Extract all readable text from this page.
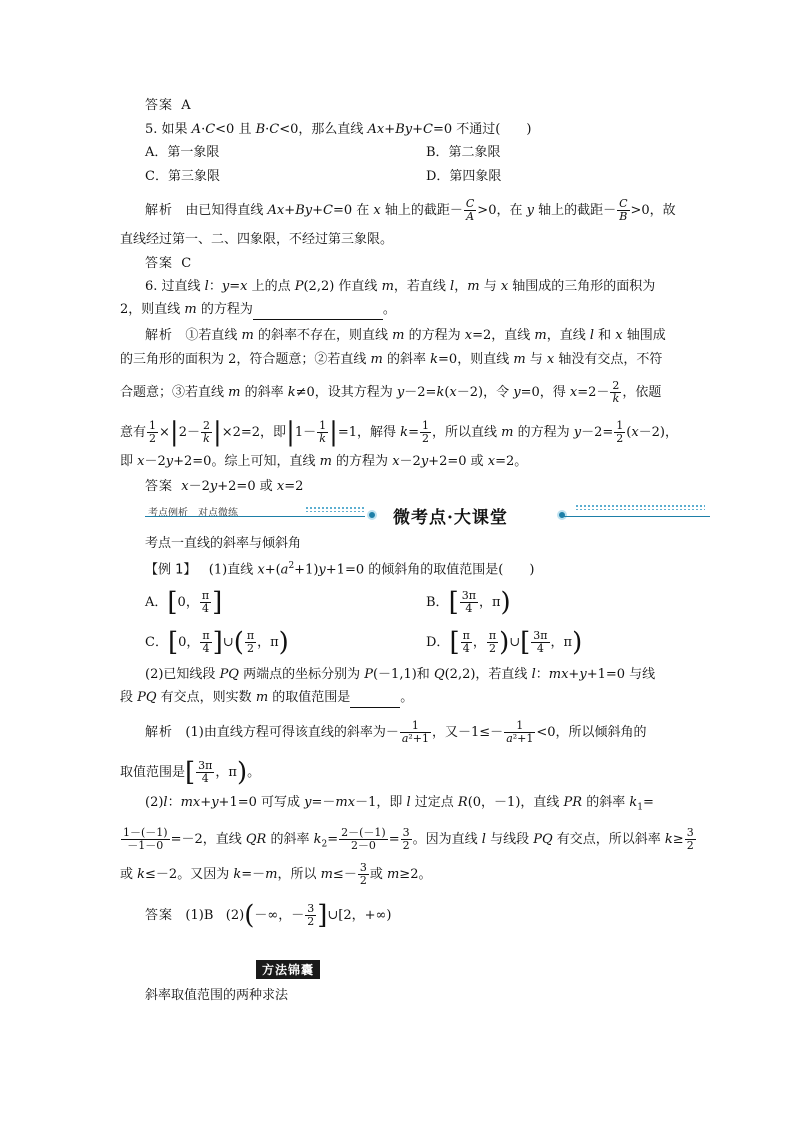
答案 A
5. 如果 A·C<0 且 B·C<0，那么直线 Ax+By+C=0 不通过(　　)
A．第一象限	B．第二象限
C．第三象限	D．第四象限
解析   由已知得直线 Ax+By+C=0 在 x 轴上的截距－ $\frac{C}{A} >0$，在 y 轴上的截距－ $\frac{C}{B} >0$，故
直线经过第一、二、四象限，不经过第三象限。
答案 C
6. 过直线 l：y=x 上的点 P(2,2) 作直线 m，若直线 l，m 与 x 轴围成的三角形的面积为
2，则直线 m 的方程为	。
解析   ①若直线 m 的斜率不存在，则直线 m 的方程为 x=2，直线 m，直线 l 和 x 轴围成
的三角形的面积为 2，符合题意；②若直线 m 的斜率 k=0，则直线 m 与 x 轴没有交点，不符
合题意；③若直线 m 的斜率 k≠0，设其方程为 y－2=k(x－2)，令 y=0，得 $x=2- \frac{2}{k}$ ，依题
意有 $\frac{1}{2} \times|2- \frac{2}{k} |\times 2=2$，即$|1- \frac{1}{k} |=1$，解得 $k= \frac{1}{2}$ ，所以直线 m 的方程为 $y-2= \frac{1}{2} (x-2)$，
即 x－2y+2=0。综上可知，直线 m 的方程为 x－2y+2=0 或 x=2。
答案 x－2y+2=0 或 x=2
考点例析　对点微练	微考点·大课堂
考点一直线的斜率与倾斜角
【例 1】   (1)直线 $x+(a^2+1)y+1=0$ 的倾斜角的取值范围是(　　)
A．[0， $\frac{\pi}{4}$ ]	B．[ $\frac{3\pi}{4}$ ，π)
C．[0， $\frac{\pi}{4}$ ]∪( $\frac{\pi}{2}$ ，π)	D．[ $\frac{\pi}{4}$ ， $\frac{\pi}{2}$ )∪[ $\frac{3\pi}{4}$ ，π)
(2)已知线段 PQ 两端点的坐标分别为 P(－1,1)和 Q(2,2)，若直线 l：mx+y+1=0 与线
段 PQ 有交点，则实数 m 的取值范围是	。
解析   (1)由直线方程可得该直线的斜率为－ $\frac{1}{\text{a²+1}}$ ，又$-1\le- \frac{1}{\text{a²+1}} <0$，所以倾斜角的
取值范围是[ $\frac{3\pi}{4}$ ，π)。
(2)l：mx+y+1=0 可写成 y=－mx－1，即 l 过定点 R(0，－1)，直线 PR 的斜率 $k_1=$
$\frac{1-(-1)}{-1-0} =-2$，直线 QR 的斜率 $k_2= \frac{2-(-1)}{2-0} = \frac{3}{2}$ 。因为直线 l 与线段 PQ 有交点，所以斜率 $k\ge \frac{3}{2}$
或 k≤－2。又因为 k=－m，所以 $m\le- \frac{3}{2}$ 或 m≥2。
答案   (1)B   (2)(－∞，－ $\frac{3}{2}$ ]∪[2，+∞)
方法锦囊
斜率取值范围的两种求法
